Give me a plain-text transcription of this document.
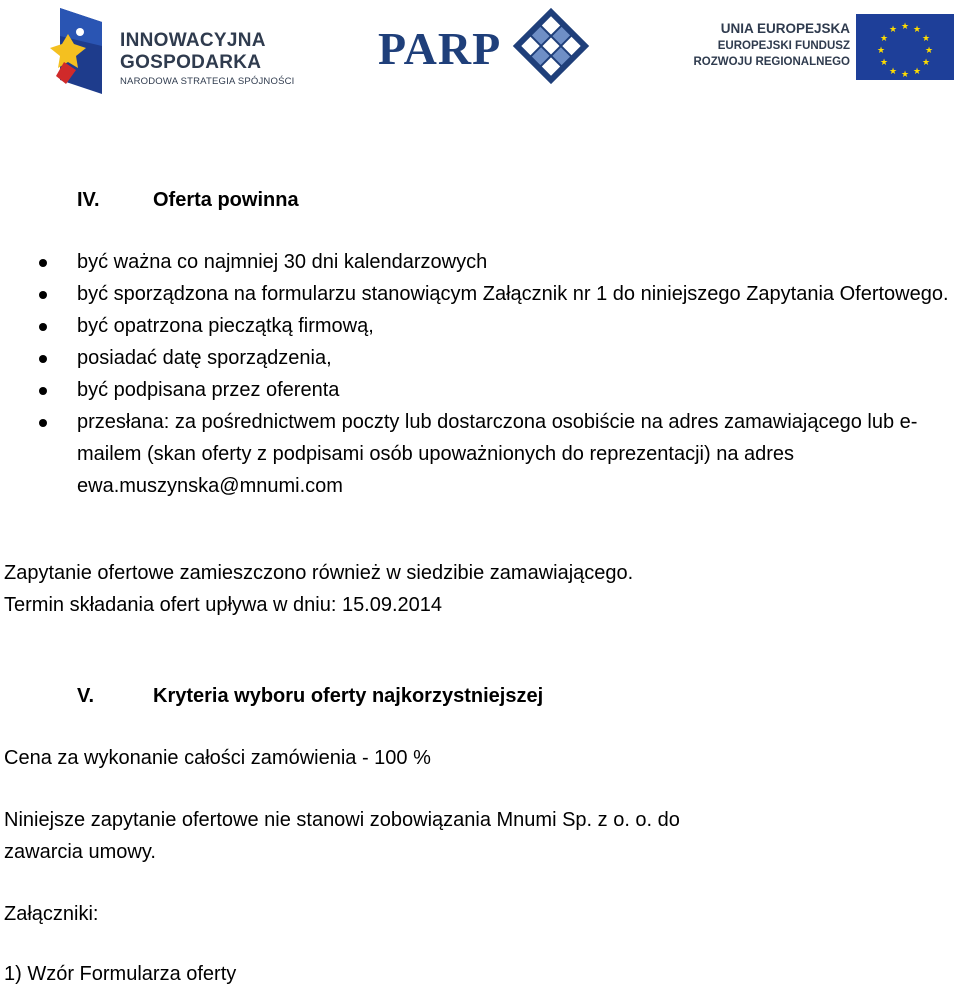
INNOWACYJNA
GOSPODARKA
NARODOWA STRATEGIA SPÓJNOŚCI
PARP	UNIA EUROPEJSKA
EUROPEJSKI FUNDUSZ
ROZWOJU REGIONALNEGO
★ ★
★
★
★
★
★
★
★
★
★
★
IV.	Oferta powinna
być ważna co najmniej 30 dni kalendarzowych
być sporządzona na formularzu stanowiącym Załącznik nr 1 do niniejszego Zapytania Ofertowego.
być opatrzona pieczątką firmową,
posiadać datę sporządzenia,
być podpisana przez oferenta
przesłana: za pośrednictwem poczty lub dostarczona osobiście na adres zamawiającego lub e-mailem (skan oferty z podpisami osób upoważnionych do reprezentacji) na adres ewa.muszynska@mnumi.com
Zapytanie ofertowe zamieszczono również w siedzibie zamawiającego.
Termin składania ofert upływa w dniu: 15.09.2014
V.	Kryteria wyboru oferty najkorzystniejszej
Cena za wykonanie całości zamówienia - 100 %
Niniejsze zapytanie ofertowe nie stanowi zobowiązania Mnumi Sp. z o. o. do
zawarcia umowy.
Załączniki:
1) Wzór Formularza oferty
